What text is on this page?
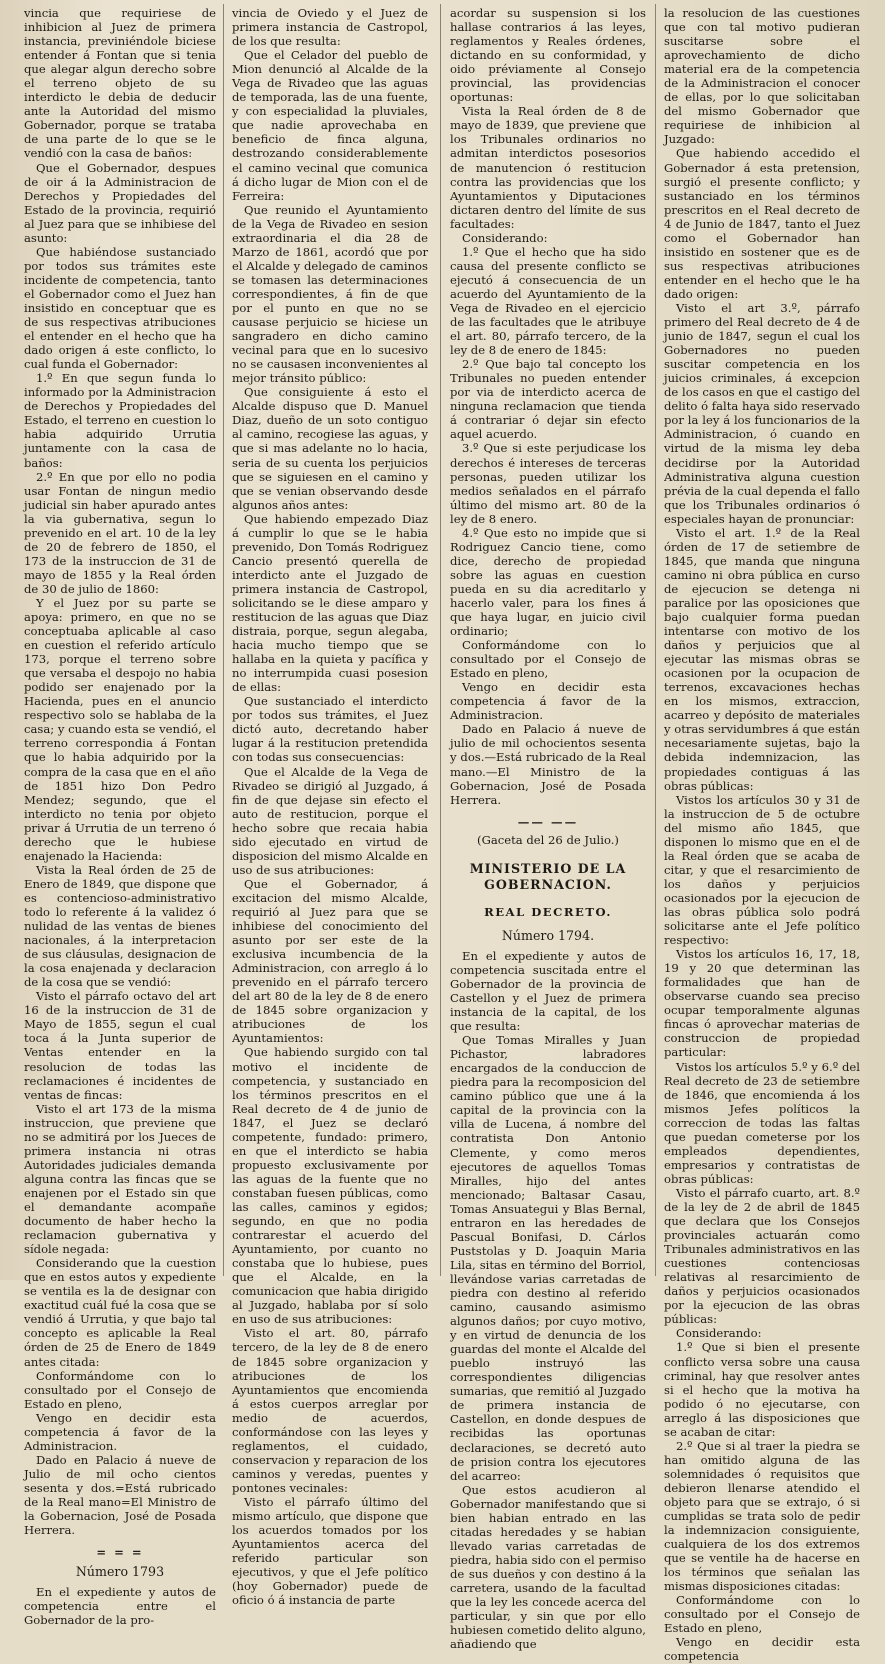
vincia que requiriese de inhibicion al Juez de primera instancia, previniéndole biciese entender á Fontan que si tenia que alegar algun derecho sobre el terreno objeto de su interdicto le debia de deducir ante la Autoridad del mismo Gobernador, porque se trataba de una parte de lo que se le vendió con la casa de baños:

Que el Gobernador, despues de oir á la Administracion de Derechos y Propiedades del Estado de la provincia, requirió al Juez para que se inhibiese del asunto:

Que habiéndose sustanciado por todos sus trámites este incidente de competencia, tanto el Gobernador como el Juez han insistido en conceptuar que es de sus respectivas atribuciones el entender en el hecho que ha dado origen á este conflicto, lo cual funda el Gobernador:

1.º En que segun funda lo informado por la Administracion de Derechos y Propiedades del Estado, el terreno en cuestion lo habia adquirido Urrutia juntamente con la casa de baños:

2.º En que por ello no podia usar Fontan de ningun medio judicial sin haber apurado antes la via gubernativa, segun lo prevenido en el art. 10 de la ley de 20 de febrero de 1850, el 173 de la instruccion de 31 de mayo de 1855 y la Real órden de 30 de julio de 1860:

Y el Juez por su parte se apoya: primero, en que no se conceptuaba aplicable al caso en cuestion el referido artículo 173, porque el terreno sobre que versaba el despojo no habia podido ser enajenado por la Hacienda, pues en el anuncio respectivo solo se hablaba de la casa; y cuando esta se vendió, el terreno correspondia á Fontan que lo habia adquirido por la compra de la casa que en el año de 1851 hizo Don Pedro Mendez; segundo, que el interdicto no tenia por objeto privar á Urrutia de un terreno ó derecho que le hubiese enajenado la Hacienda:

Vista la Real órden de 25 de Enero de 1849, que dispone que es contencioso-administrativo todo lo referente á la validez ó nulidad de las ventas de bienes nacionales, á la interpretacion de sus cláusulas, designacion de la cosa enajenada y declaracion de la cosa que se vendió:

Visto el párrafo octavo del art 16 de la instruccion de 31 de Mayo de 1855, segun el cual toca á la Junta superior de Ventas entender en la resolucion de todas las reclamaciones é incidentes de ventas de fincas:

Visto el art 173 de la misma instruccion, que previene que no se admitirá por los Jueces de primera instancia ni otras Autoridades judiciales demanda alguna contra las fincas que se enajenen por el Estado sin que el demandante acompañe documento de haber hecho la reclamacion gubernativa y sídole negada:

Considerando que la cuestion que en estos autos y expediente se ventila es la de designar con exactitud cuál fué la cosa que se vendió á Urrutia, y que bajo tal concepto es aplicable la Real órden de 25 de Enero de 1849 antes citada:

Conformándome con lo consultado por el Consejo de Estado en pleno,

Vengo en decidir esta competencia á favor de la Administracion.

Dado en Palacio á nueve de Julio de mil ocho cientos sesenta y dos.=Está rubricado de la Real mano=El Ministro de la Gobernacion, José de Posada Herrera.

= = =

Número 1793

En el expediente y autos de competencia entre el Gobernador de la pro-

vincia de Oviedo y el Juez de primera instancia de Castropol, de los que resulta:

Que el Celador del pueblo de Mion denunció al Alcalde de la Vega de Rivadeo que las aguas de temporada, las de una fuente, y con especialidad la pluviales, que nadie aprovechaba en beneficio de finca alguna, destrozando considerablemente el camino vecinal que comunica á dicho lugar de Mion con el de Ferreira:

Que reunido el Ayuntamiento de la Vega de Rivadeo en sesion extraordinaria el dia 28 de Marzo de 1861, acordó que por el Alcalde y delegado de caminos se tomasen las determinaciones correspondientes, á fin de que por el punto en que no se causase perjuicio se hiciese un sangradero en dicho camino vecinal para que en lo sucesivo no se causasen inconvenientes al mejor tránsito público:

Que consiguiente á esto el Alcalde dispuso que D. Manuel Diaz, dueño de un soto contiguo al camino, recogiese las aguas, y que si mas adelante no lo hacia, seria de su cuenta los perjuicios que se siguiesen en el camino y que se venian observando desde algunos años antes:

Que habiendo empezado Diaz á cumplir lo que se le habia prevenido, Don Tomás Rodriguez Cancio presentó querella de interdicto ante el Juzgado de primera instancia de Castropol, solicitando se le diese amparo y restitucion de las aguas que Diaz distraia, porque, segun alegaba, hacia mucho tiempo que se hallaba en la quieta y pacífica y no interrumpida cuasi posesion de ellas:

Que sustanciado el interdicto por todos sus trámites, el Juez dictó auto, decretando haber lugar á la restitucion pretendida con todas sus consecuencias:

Que el Alcalde de la Vega de Rivadeo se dirigió al Juzgado, á fin de que dejase sin efecto el auto de restitucion, porque el hecho sobre que recaia habia sido ejecutado en virtud de disposicion del mismo Alcalde en uso de sus atribuciones:

Que el Gobernador, á excitacion del mismo Alcalde, requirió al Juez para que se inhibiese del conocimiento del asunto por ser este de la exclusiva incumbencia de la Administracion, con arreglo á lo prevenido en el párrafo tercero del art 80 de la ley de 8 de enero de 1845 sobre organizacion y atribuciones de los Ayuntamientos:

Que habiendo surgido con tal motivo el incidente de competencia, y sustanciado en los términos prescritos en el Real decreto de 4 de junio de 1847, el Juez se declaró competente, fundado: primero, en que el interdicto se habia propuesto exclusivamente por las aguas de la fuente que no constaban fuesen públicas, como las calles, caminos y egidos; segundo, en que no podia contrarestar el acuerdo del Ayuntamiento, por cuanto no constaba que lo hubiese, pues que el Alcalde, en la comunicacion que habia dirigido al Juzgado, hablaba por sí solo en uso de sus atribuciones:

Visto el art. 80, párrafo tercero, de la ley de 8 de enero de 1845 sobre organizacion y atribuciones de los Ayuntamientos que encomienda á estos cuerpos arreglar por medio de acuerdos, conformándose con las leyes y reglamentos, el cuidado, conservacion y reparacion de los caminos y veredas, puentes y pontones vecinales:

Visto el párrafo último del mismo artículo, que dispone que los acuerdos tomados por los Ayuntamientos acerca del referido particular son ejecutivos, y que el Jefe político (hoy Gobernador) puede de oficio ó á instancia de parte

acordar su suspension si los hallase contrarios á las leyes, reglamentos y Reales órdenes, dictando en su conformidad, y oido préviamente al Consejo provincial, las providencias oportunas:

Vista la Real órden de 8 de mayo de 1839, que previene que los Tribunales ordinarios no admitan interdictos posesorios de manutencion ó restitucion contra las providencias que los Ayuntamientos y Diputaciones dictaren dentro del límite de sus facultades:

Considerando:

1.º Que el hecho que ha sido causa del presente conflicto se ejecutó á consecuencia de un acuerdo del Ayuntamiento de la Vega de Rivadeo en el ejercicio de las facultades que le atribuye el art. 80, párrafo tercero, de la ley de 8 de enero de 1845:

2.º Que bajo tal concepto los Tribunales no pueden entender por via de interdicto acerca de ninguna reclamacion que tienda á contrariar ó dejar sin efecto aquel acuerdo.

3.º Que si este perjudicase los derechos é intereses de terceras personas, pueden utilizar los medios señalados en el párrafo último del mismo art. 80 de la ley de 8 enero.

4.º Que esto no impide que si Rodriguez Cancio tiene, como dice, derecho de propiedad sobre las aguas en cuestion pueda en su dia acreditarlo y hacerlo valer, para los fines á que haya lugar, en juicio civil ordinario;

Conformándome con lo consultado por el Consejo de Estado en pleno,

Vengo en decidir esta competencia á favor de la Administracion.

Dado en Palacio á nueve de julio de mil ochocientos sesenta y dos.—Está rubricado de la Real mano.—El Ministro de la Gobernacion, José de Posada Herrera.

—— ——

(Gaceta del 26 de Julio.)

MINISTERIO DE LA GOBERNACION.

REAL DECRETO.

Número 1794.

En el expediente y autos de competencia suscitada entre el Gobernador de la provincia de Castellon y el Juez de primera instancia de la capital, de los que resulta:

Que Tomas Miralles y Juan Pichastor, labradores encargados de la conduccion de piedra para la recomposicion del camino público que une á la capital de la provincia con la villa de Lucena, á nombre del contratista Don Antonio Clemente, y como meros ejecutores de aquellos Tomas Miralles, hijo del antes mencionado; Baltasar Casau, Tomas Ansuategui y Blas Bernal, entraron en las heredades de Pascual Bonifasi, D. Cárlos Puststolas y D. Joaquin Maria Lila, sitas en término del Borriol, llevándose varias carretadas de piedra con destino al referido camino, causando asimismo algunos daños; por cuyo motivo, y en virtud de denuncia de los guardas del monte el Alcalde del pueblo instruyó las correspondientes diligencias sumarias, que remitió al Juzgado de primera instancia de Castellon, en donde despues de recibidas las oportunas declaraciones, se decretó auto de prision contra los ejecutores del acarreo:

Que estos acudieron al Gobernador manifestando que si bien habian entrado en las citadas heredades y se habian llevado varias carretadas de piedra, habia sido con el permiso de sus dueños y con destino á la carretera, usando de la facultad que la ley les concede acerca del particular, y sin que por ello hubiesen cometido delito alguno, añadiendo que

la resolucion de las cuestiones que con tal motivo pudieran suscitarse sobre el aprovechamiento de dicho material era de la competencia de la Administracion el conocer de ellas, por lo que solicitaban del mismo Gobernador que requiriese de inhibicion al Juzgado:

Que habiendo accedido el Gobernador á esta pretension, surgió el presente conflicto; y sustanciado en los términos prescritos en el Real decreto de 4 de Junio de 1847, tanto el Juez como el Gobernador han insistido en sostener que es de sus respectivas atribuciones entender en el hecho que le ha dado origen:

Visto el art 3.º, párrafo primero del Real decreto de 4 de junio de 1847, segun el cual los Gobernadores no pueden suscitar competencia en los juicios criminales, á excepcion de los casos en que el castigo del delito ó falta haya sido reservado por la ley á los funcionarios de la Administracion, ó cuando en virtud de la misma ley deba decidirse por la Autoridad Administrativa alguna cuestion prévia de la cual dependa el fallo que los Tribunales ordinarios ó especiales hayan de pronunciar:

Visto el art. 1.º de la Real órden de 17 de setiembre de 1845, que manda que ninguna camino ni obra pública en curso de ejecucion se detenga ni paralice por las oposiciones que bajo cualquier forma puedan intentarse con motivo de los daños y perjuicios que al ejecutar las mismas obras se ocasionen por la ocupacion de terrenos, excavaciones hechas en los mismos, extraccion, acarreo y depósito de materiales y otras servidumbres á que están necesariamente sujetas, bajo la debida indemnizacion, las propiedades contiguas á las obras públicas:

Vistos los artículos 30 y 31 de la instruccion de 5 de octubre del mismo año 1845, que disponen lo mismo que en el de la Real órden que se acaba de citar, y que el resarcimiento de los daños y perjuicios ocasionados por la ejecucion de las obras pública solo podrá solicitarse ante el Jefe político respectivo:

Vistos los artículos 16, 17, 18, 19 y 20 que determinan las formalidades que han de observarse cuando sea preciso ocupar temporalmente algunas fincas ó aprovechar materias de construccion de propiedad particular:

Vistos los artículos 5.º y 6.º del Real decreto de 23 de setiembre de 1846, que encomienda á los mismos Jefes políticos la correccion de todas las faltas que puedan cometerse por los empleados dependientes, empresarios y contratistas de obras públicas:

Visto el párrafo cuarto, art. 8.º de la ley de 2 de abril de 1845 que declara que los Consejos provinciales actuarán como Tribunales administrativos en las cuestiones contenciosas relativas al resarcimiento de daños y perjuicios ocasionados por la ejecucion de las obras públicas:

Considerando:

1.º Que si bien el presente conflicto versa sobre una causa criminal, hay que resolver antes si el hecho que la motiva ha podido ó no ejecutarse, con arreglo á las disposiciones que se acaban de citar:

2.º Que si al traer la piedra se han omitido alguna de las solemnidades ó requisitos que debieron llenarse atendido el objeto para que se extrajo, ó si cumplidas se trata solo de pedir la indemnizacion consiguiente, cualquiera de los dos extremos que se ventile ha de hacerse en los términos que señalan las mismas disposiciones citadas:

Conformándome con lo consultado por el Consejo de Estado en pleno,

Vengo en decidir esta competencia
